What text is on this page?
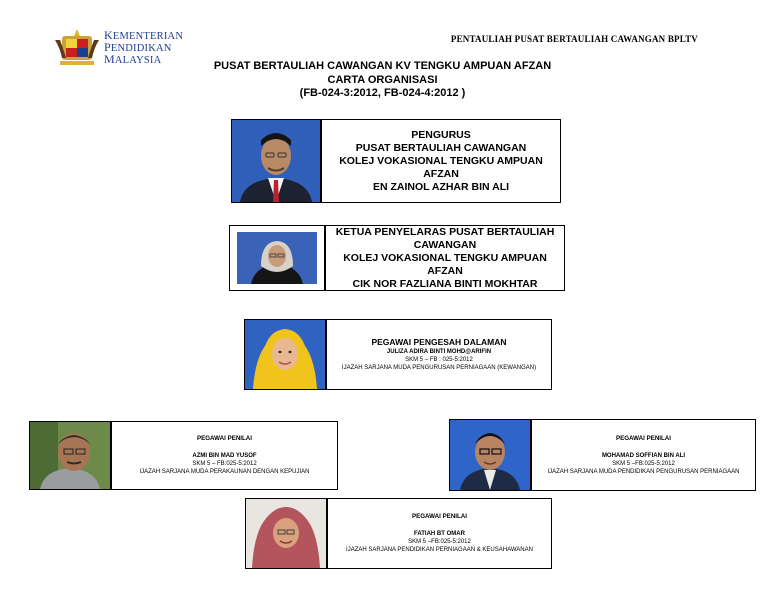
KEMENTERIAN
PENDIDIKAN
MALAYSIA
PENTAULIAH PUSAT BERTAULIAH CAWANGAN BPLTV
PUSAT BERTAULIAH CAWANGAN KV TENGKU AMPUAN AFZAN
CARTA ORGANISASI
(FB-024-3:2012, FB-024-4:2012 )
PENGURUS
PUSAT BERTAULIAH CAWANGAN
KOLEJ VOKASIONAL TENGKU AMPUAN AFZAN
EN ZAINOL AZHAR BIN ALI
KETUA PENYELARAS PUSAT BERTAULIAH
CAWANGAN
KOLEJ VOKASIONAL TENGKU AMPUAN AFZAN
CIK NOR FAZLIANA BINTI MOKHTAR
PEGAWAI PENGESAH DALAMAN
JULIZA ADIRA BINTI MOHD@ARIFIN
SKM 5 – FB : 025-5:2012
IJAZAH SARJANA MUDA PENGURUSAN PERNIAGAAN (KEWANGAN)
PEGAWAI PENILAI
AZMI BIN MAD YUSOF
SKM 5 – FB:025-5:2012
IJAZAH SARJANA MUDA PERAKAUNAN DENGAN KEPUJIAN
PEGAWAI PENILAI
MOHAMAD SOFFIAN BIN ALI
SKM 5 –FB:025-5:2012
IJAZAH SARJANA MUDA PENDIDIKAN PENGURUSAN PERNIAGAAN
PEGAWAI PENILAI
FATIAH BT OMAR
SKM 5 –FB:025-5:2012
IJAZAH SARJANA PENDIDIKAN PERNIAGAAN & KEUSAHAWANAN
